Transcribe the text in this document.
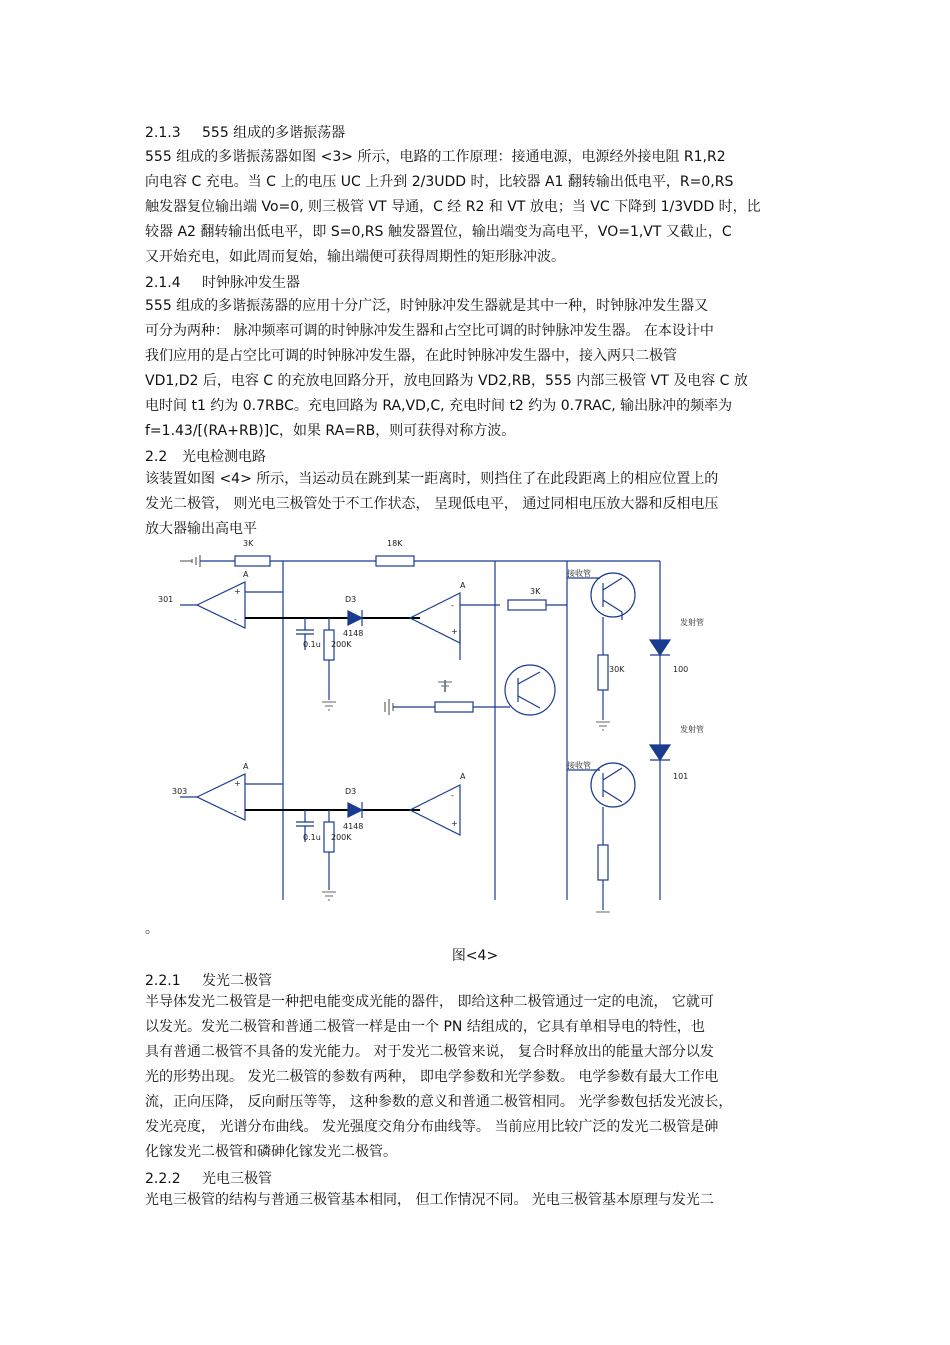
2.1.3 555 组成的多谐振荡器
555 组成的多谐振荡器如图 <3> 所示，电路的工作原理：接通电源，电源经外接电阻 R1,R2
向电容 C 充电。当 C 上的电压 UC 上升到 2/3UDD 时，比较器 A1 翻转输出低电平，R=0,RS
触发器复位输出端 Vo=0, 则三极管 VT 导通，C 经 R2 和 VT 放电；当 VC 下降到 1/3VDD 时，比
较器 A2 翻转输出低电平，即 S=0,RS 触发器置位，输出端变为高电平，VO=1,VT 又截止，C
又开始充电，如此周而复始，输出端便可获得周期性的矩形脉冲波。
2.1.4 时钟脉冲发生器
555 组成的多谐振荡器的应用十分广泛，时钟脉冲发生器就是其中一种，时钟脉冲发生器又
可分为两种： 脉冲频率可调的时钟脉冲发生器和占空比可调的时钟脉冲发生器。 在本设计中
我们应用的是占空比可调的时钟脉冲发生器，在此时钟脉冲发生器中，接入两只二极管
VD1,D2 后，电容 C 的充放电回路分开，放电回路为 VD2,RB，555 内部三极管 VT 及电容 C 放
电时间 t1 约为 0.7RBC。充电回路为 RA,VD,C, 充电时间 t2 约为 0.7RAC, 输出脉冲的频率为
f=1.43/[(RA+RB)]C，如果 RA=RB，则可获得对称方波。
2.2 光电检测电路
该装置如图 <4> 所示，当运动员在跳到某一距离时，则挡住了在此段距离上的相应位置上的
发光二极管， 则光电三极管处于不工作状态， 呈现低电平， 通过同相电压放大器和反相电压
放大器输出高电平
3K	18K
3K
A
A
A
A
+
-
+
-
-
+
-
+
301
303
D3
D3
4148
4148
0.1u
0.1u
200K
200K
30K
接收管
接收管
发射管
发射管
100
101
。
图<4>
2.2.1 发光二极管
半导体发光二极管是一种把电能变成光能的器件， 即给这种二极管通过一定的电流， 它就可
以发光。发光二极管和普通二极管一样是由一个 PN 结组成的，它具有单相导电的特性，也
具有普通二极管不具备的发光能力。 对于发光二极管来说， 复合时释放出的能量大部分以发
光的形势出现。 发光二极管的参数有两种， 即电学参数和光学参数。 电学参数有最大工作电
流，正向压降， 反向耐压等等， 这种参数的意义和普通二极管相同。 光学参数包括发光波长，
发光亮度， 光谱分布曲线。 发光强度交角分布曲线等。 当前应用比较广泛的发光二极管是砷
化镓发光二极管和磷砷化镓发光二极管。
2.2.2 光电三极管
光电三极管的结构与普通三极管基本相同， 但工作情况不同。 光电三极管基本原理与发光二
